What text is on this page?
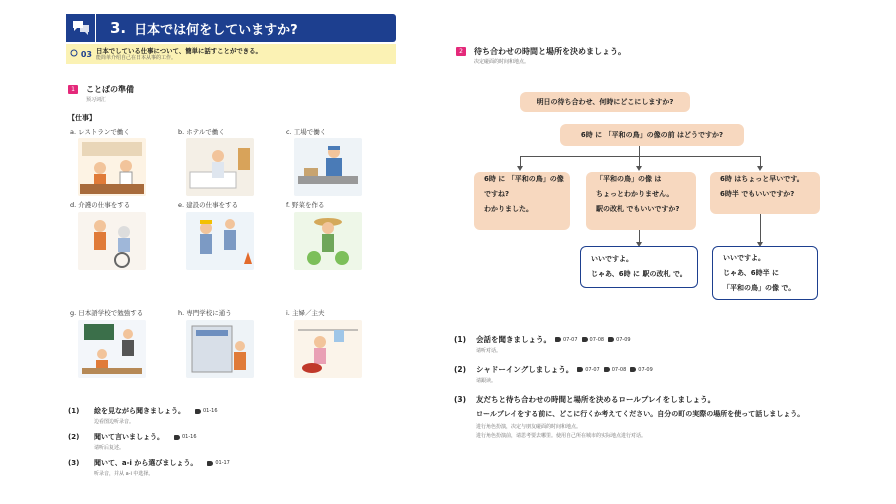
3. 日本では何をしていますか?
03 日本でしている仕事について、簡単に話すことができる。
能简单介绍自己在日本从事的工作。
1	ことばの準備
预习词汇
【仕事】
a. レストランで働く	b. ホテルで働く	c. 工場で働く
d. 介護の仕事をする	e. 建設の仕事をする	f. 野菜を作る
g. 日本語学校で勉強する	h. 専門学校に通う	i. 主婦／主夫
(1)	絵を見ながら聞きましょう。	01-16
边看图边听录音。
(2)	聞いて言いましょう。	01-16
请听后复述。
(3)	聞いて、a-i から選びましょう。	01-17
听录音，并从 a-i 中选择。
2	待ち合わせの時間と場所を決めましょう。
决定碰面的时间和地点。
明日の待ち合わせ、何時にどこにしますか?
6時 に 「平和の鳥」の像の前 はどうですか?
6時 に 「平和の鳥」の像
ですね?
わかりました。
「平和の鳥」の像 は
ちょっとわかりません。
駅の改札 でもいいですか?
6時 はちょっと早いです。
6時半 でもいいですか?
いいですよ。
じゃあ、6時 に 駅の改札 で。
いいですよ。
じゃあ、6時半 に
「平和の鳥」の像 で。
(1)	会話を聞きましょう。 07-07 07-08 07-09
请听对话。
(2)	シャドーイングしましょう。 07-07 07-08 07-09
请跟读。
(3)	友だちと待ち合わせの時間と場所を決めるロールプレイをしましょう。
ロールプレイをする前に、どこに行くか考えてください。自分の町の実際の場所を使って話しましょう。
进行角色扮演，决定与朋友碰面的时间和地点。
进行角色扮演前，请思考要去哪里。使用自己所在城市的实际地点进行对话。
